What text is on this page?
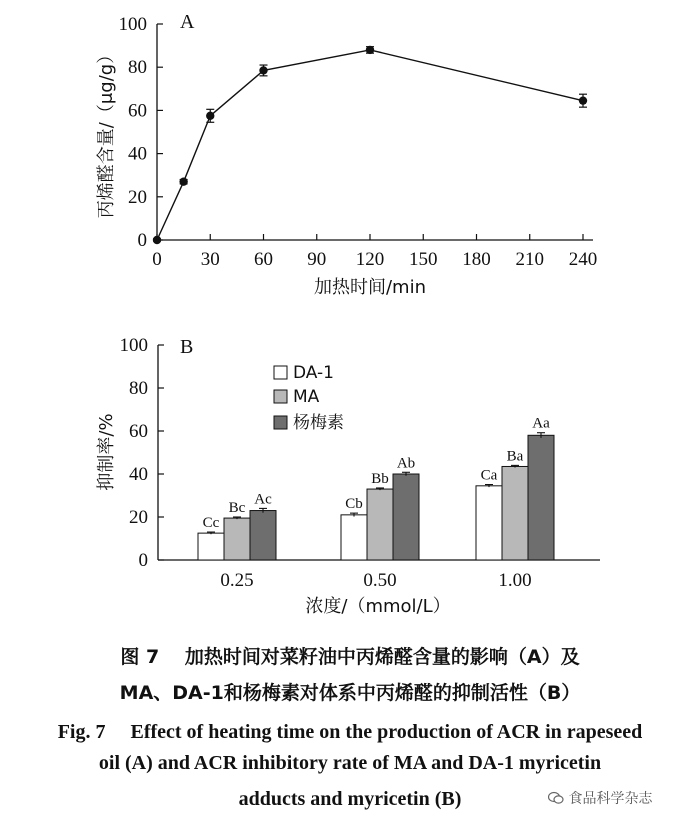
0
20
40
60
80
100
0 30 60 90 120 150 180 210 240
A
加热时间/min
丙烯醛含量/（μg/g）
0
20
40
60
80
100
0.25
Cc
Bc
Ac
0.50
Cb
Bb
Ab
1.00
Ca
Ba
Aa
B
浓度/（mmol/L）
抑制率/%
DA-1
MA
杨梅素
图 7　 加热时间对菜籽油中丙烯醛含量的影响（A）及
MA、DA-1和杨梅素对体系中丙烯醛的抑制活性（B）
Fig. 7　 Effect of heating time on the production of ACR in rapeseed
oil (A) and ACR inhibitory rate of MA and DA-1 myricetin
adducts and myricetin (B)	食品科学杂志
